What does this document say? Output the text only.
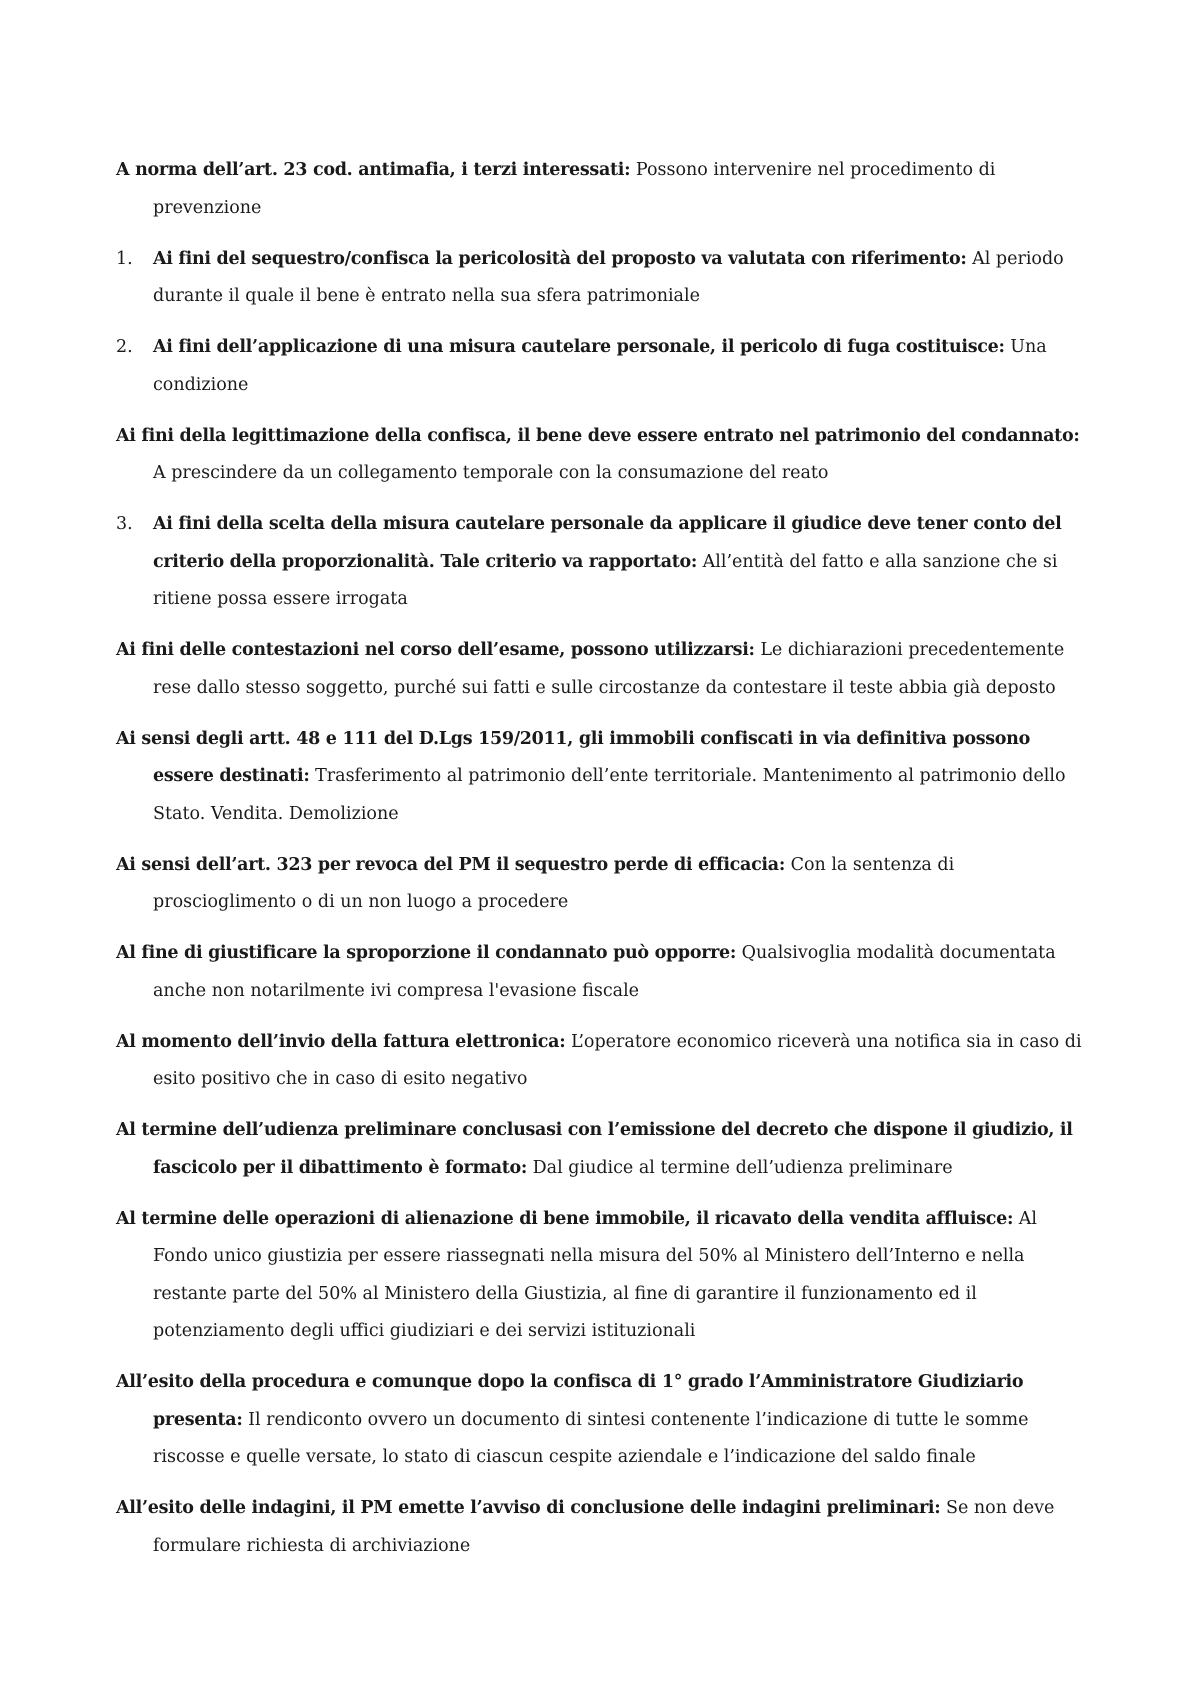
A norma dell’art. 23 cod. antimafia, i terzi interessati: Possono intervenire nel procedimento di prevenzione

1. Ai fini del sequestro/confisca la pericolosità del proposto va valutata con riferimento: Al periodo durante il quale il bene è entrato nella sua sfera patrimoniale

2. Ai fini dell’applicazione di una misura cautelare personale, il pericolo di fuga costituisce: Una condizione

Ai fini della legittimazione della confisca, il bene deve essere entrato nel patrimonio del condannato: A prescindere da un collegamento temporale con la consumazione del reato

3. Ai fini della scelta della misura cautelare personale da applicare il giudice deve tener conto del criterio della proporzionalità. Tale criterio va rapportato: All’entità del fatto e alla sanzione che si ritiene possa essere irrogata

Ai fini delle contestazioni nel corso dell’esame, possono utilizzarsi: Le dichiarazioni precedentemente rese dallo stesso soggetto, purché sui fatti e sulle circostanze da contestare il teste abbia già deposto

Ai sensi degli artt. 48 e 111 del D.Lgs 159/2011, gli immobili confiscati in via definitiva possono essere destinati: Trasferimento al patrimonio dell’ente territoriale. Mantenimento al patrimonio dello Stato. Vendita. Demolizione

Ai sensi dell’art. 323 per revoca del PM il sequestro perde di efficacia: Con la sentenza di proscioglimento o di un non luogo a procedere

Al fine di giustificare la sproporzione il condannato può opporre: Qualsivoglia modalità documentata anche non notarilmente ivi compresa l'evasione fiscale

Al momento dell’invio della fattura elettronica: L’operatore economico riceverà una notifica sia in caso di esito positivo che in caso di esito negativo

Al termine dell’udienza preliminare conclusasi con l’emissione del decreto che dispone il giudizio, il fascicolo per il dibattimento è formato: Dal giudice al termine dell’udienza preliminare

Al termine delle operazioni di alienazione di bene immobile, il ricavato della vendita affluisce: Al Fondo unico giustizia per essere riassegnati nella misura del 50% al Ministero dell’Interno e nella restante parte del 50% al Ministero della Giustizia, al fine di garantire il funzionamento ed il potenziamento degli uffici giudiziari e dei servizi istituzionali

All’esito della procedura e comunque dopo la confisca di 1° grado l’Amministratore Giudiziario presenta: Il rendiconto ovvero un documento di sintesi contenente l’indicazione di tutte le somme riscosse e quelle versate, lo stato di ciascun cespite aziendale e l’indicazione del saldo finale

All’esito delle indagini, il PM emette l’avviso di conclusione delle indagini preliminari: Se non deve formulare richiesta di archiviazione
